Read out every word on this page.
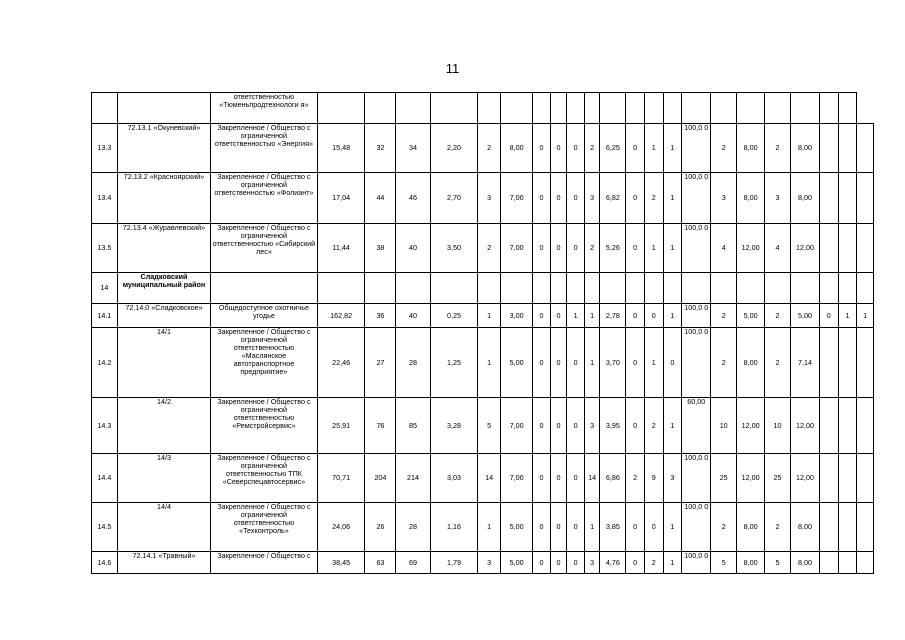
11
		ответственностью «Тюменьпродтехнологи я»																						
13.3	72.13.1 «Окуневский»	Закрепленное / Общество с ограниченной ответственностью «Энергия»	15,48	32	34	2,20	2	8,00	0	0	0	2	6,25	0	1	1	100,0 0	2	8,00	2	8,00			
13.4	72.13.2 «Красноярский»	Закрепленное / Общество с ограниченной ответственностью «Фолиант»	17,04	44	46	2,70	3	7,00	0	0	0	3	6,82	0	2	1	100,0 0	3	8,00	3	8,00			
13.5	72.13.4 «Журавлевский»	Закрепленное / Общество с ограниченной ответственностью «Сибирский лес»	11,44	38	40	3,50	2	7,00	0	0	0	2	5,26	0	1	1	100,0 0	4	12,00	4	12,00			
14	Сладковский муниципальный район																							
14.1	72.14.0 «Сладковское»	Общедоступное охотничье угодье	162,82	36	40	0,25	1	3,00	0	0	1	1	2,78	0	0	1	100,0 0	2	5,00	2	5,00	0	1	1
14.2	14/1	Закрепленное / Общество с ограниченной ответственностью «Маслянское автотранспортное предприятие»	22,46	27	28	1,25	1	5,00	0	0	0	1	3,70	0	1	0	100,0 0	2	8,00	2	7,14			
14.3	14/2	Закрепленное / Общество с ограниченной ответственностью «Ремстройсервис»	25,91	76	85	3,28	5	7,00	0	0	0	3	3,95	0	2	1	60,00	10	12,00	10	12,00			
14.4	14/3	Закрепленное / Общество с ограниченной ответственностью ТПК «Северспецавтосервис»	70,71	204	214	3,03	14	7,00	0	0	0	14	6,86	2	9	3	100,0 0	25	12,00	25	12,00			
14.5	14/4	Закрепленное / Общество с ограниченной ответственностью «Техконтроль»	24,06	26	28	1,16	1	5,00	0	0	0	1	3,85	0	0	1	100,0 0	2	8,00	2	8,00			
14.6	72.14.1 «Травный»	Закрепленное / Общество с	38,45	63	69	1,79	3	5,00	0	0	0	3	4,76	0	2	1	100,0 0	5	8,00	5	8,00			
